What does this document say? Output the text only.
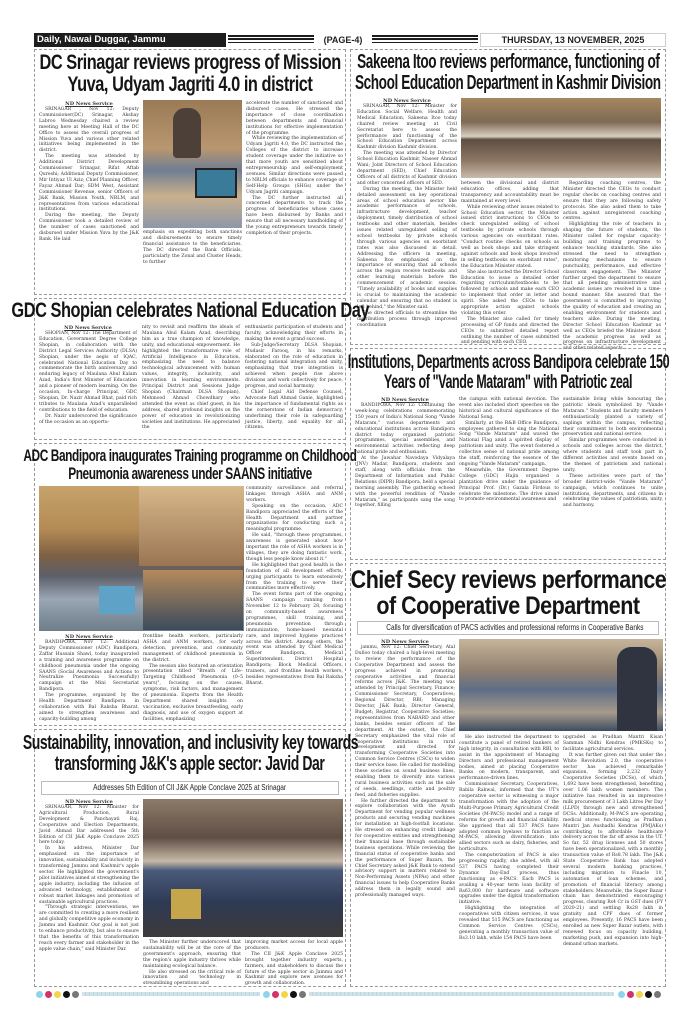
Daily, Nawai Duggar, Jammu	(PAGE-4)	THURSDAY, 13 NOVEMBER, 2025
DC Srinagar reviews progress of Mission
Yuva, Udyam Jagriti 4.0 in district
ND News Service

SRINAGAR , Nov 12: Deputy Commissioner(DC) Srinagar, Akshay Labroo Wednesday chaired a review meeting here at Meeting Hall of the DC Office to assess the overall progress of Mission Yuva and various other related initiatives being implemented in the district.

The meeting was attended by Additional District Development Commissioner Srinagar, Rifat Aftab Qureshi; Additional Deputy Commissioner, Mir Intiyaz Ul Aziz; Chief Planning Officer, Fayaz Ahmad Dar; SDM West, Assistant Commissioner Revenue, senior Officers of J&K Bank, Mission Youth, NRLM, and representatives from various educational institutions.

During the meeting, the Deputy Commissioner took a detailed review of the number of cases sanctioned and disbursed under Mission Yuva by the J&K Bank. He laid

emphasis on expediting both sanctions and disbursements to ensure timely financial assistance to the beneficiaries. The DC directed the Bank Officials, particularly the Zonal and Cluster Heads, to further

accelerate the number of sanctioned and disbursed cases. He stressed the importance of close coordination between departments and financial institutions for effective implementation of the programme.

While reviewing the implementation of Udyam Jagriti 4.0, the DC instructed the Colleges of the district to increase student coverage under the initiative so that more youth are sensitized about entrepreneurship and self-employment avenues. Similar directions were passed to NRLM officials to enhance coverage of Self-Help Groups (SHGs) under the Udyam Jagriti campaign.

The DC further instructed all concerned departments to track the progress of beneficiaries whose cases have been disbursed by Banks and ensure that all necessary handholding of the young entrepreneurs towards timely completion of their projects.

Sakeena Itoo reviews performance, functioning of
School Education Department in Kashmir Division
ND News Service

SRINAGAR, Nov 12: Minister for Education Social Welfare, Health and Medical Education, Sakeena Itoo today chaired review meeting at Civil Secretariat here to assess the performance and functioning of the School Education Department across Kashmir division Kashmir division.

The meeting was attended by Director School Education Kashmir, Naseer Ahmad Wani; Joint Directors of School Education department (SED), Chief Education Officers of all districts of Kashmir division and other concerned officers of SED.

During the meeting, the Minister held detailed assessment on key operational areas of school education sector like academic performance of schools, infrastructure development, teacher deployment, timely distribution of school textbooks and other materials, besides issues related unregulated selling of school textbooks by private schools through various agencies on exorbitant rates was also discussed in detail. Addressing the officers in meeting, Sakeena Itoo emphasized on the importance of ensuring that all schools across the region receive textbooks and other learning materials before the commencement of academic session. "Timely availability of books and supplies is crucial to maintaining the academic calendar and ensuring that no student is left behind," the Minister said.

She directed officials to streamline the distribution process through improved coordination

between the divisional and district education offices, adding that transparency and accountability must be maintained at every level.

While reviewing other issues related to School Education sector, the Minister issued strict instructions to CEOs to check unregulated selling of school textbooks by private schools through various agencies on exorbitant rates. "Conduct routine checks on schools as well as book shops and take stringent against schools and book shops involved in selling textbooks on exorbitant rates", the Education Minister stated.

She also instructed the Director School Education to issue a detailed order regarding curriculum/textbooks to be followed by schools and make each CEO to implement that order in letter and spirit. She asked the CEOs to take appropriate action against schools violating this order.

The Minister also called for timely processing of GP funds and directed the CEOs to submitted detailed report outlining the number of cases submitted and pending with each CEO.

Regarding coaching centres, the Minister directed the CEOs to conduct regular checks on coaching centres and ensure that they are following safety protocols. She also asked them to take action against unregistered coaching centres.

Highlighting the role of teachers in shaping the future of students, the Minister called for regular capacity-building and training programs to enhance teaching standards. She also stressed the need to strengthen monitoring mechanisms to ensure punctuality, performance, and effective classroom engagement. The Minister further urged the department to ensure that all pending administrative and academic issues are resolved in a time-bound manner. She assured that the government is committed to improving the quality of education and creating an enabling environment for students and teachers alike. During the meeting, Director School Education Kashmir as well as CEOs briefed the Minister about the academic progress as well as progress on infrastructure development and other related aspects.

GDC Shopian celebrates National Education Day
ND News Service

SHOPIAN, Nov 12: The Department of Education, Government Degree College Shopian, in collaboration with the District Legal Services Authority (DLSA) Shopian, under the aegis of IQAC, celebrated National Education Day to commemorate the birth anniversary and enduring legacy of Maulana Abul Kalam Azad, India's first Minister of Education and a pioneer of modern learning. On the occasion, In-charge Principal, GDC Shopian, Dr. Nazir Ahmad Bhat, paid rich tributes to Maulana Azad's unparalleled contributions to the field of education.

Dr. Nazir underscored the significance of the occasion as an opportu-

nity to revisit and reaffirm the ideals of Maulana Abul Kalam Azad, describing him as a true champion of knowledge, unity, and educational empowerment. He highlighted the transformative role of Artificial Intelligence in Education, emphasizing the need to balance technological advancement with human values, integrity, inclusivity, and innovation in learning environments. Principal District and Sessions Judge Shopian (Chairman DLSA Shopian), Mehmood Ahmad Chowdhary who attended the event as chief guest, in his address, shared profound insights on the power of education in revolutionizing societies and institutions. He appreciated the

enthusiastic participation of students and faculty, acknowledging their efforts in making the event a grand success.

Sub-Judge/Secretary DLSA Shopian, Mudasir Farooq, in his remarks, elaborated on the role of education in fostering national integration and unity, emphasizing that true integration is achieved when people rise above divisions and work collectively for peace, progress, and social harmony.

Chief Legal Aid Defense Counsel, Advocate Rafi Ahmad Ganie, highlighted the importance of fundamental rights as the cornerstone of Indian democracy, underlining their role in safeguarding justice, liberty, and equality for all citizens.

ADC Bandipora inaugurates Training programme on Childhood
Pneumonia awareness under SAANS initiative

community surveillance and referral linkages through ASHA and ANM workers.

Speaking on the occasion, ADC Bandipora appreciated the efforts of the Health Department and partner organizations for conducting such a meaningful programme.

He said, "through these programmes, awareness is generated about how important the role of ASHA workers is in villages, they are doing fantastic work, though less people know about it."

He highlighted that good health is the foundation of all development efforts, urging participants to learn extensively from the training to serve their communities more effectively.

The event forms part of the ongoing SAANS campaign running from November 12 to February 28, focusing on community-based awareness programmes, skill training, and pneumonia prevention through immunization, home-based neonatal care, and improved hygiene practices across the district. Among others, the event was attended by Chief Medical Officer Bandipora, Medical Superintendent, District Hospital Bandipora; Block Medical Officers, trainers, and frontline health workers, besides representatives from Bal Raksha Bharat.

ND News Service

BANDIPORA, Nov 12: Additional Deputy Commissioner (ADC) Bandipora, Zaffar Hussain Shawl, today inaugurated a training and awareness programme on childhood pneumonia under the ongoing SAANS (Social Awareness and Actions to Neutralize Pneumonia Successfully) campaign at the Mini Secretariat Bandipora.

The programme, organized by the Health Department Bandipora in collaboration with Bal Raksha Bharat, aimed to strengthen awareness and capacity-building among

frontline health workers, particularly ASHA and ANM workers, for early detection, prevention, and community management of childhood pneumonia in the district.

The session also featured an orientation presentation titled "Breath of Life– Targeting Childhood Pneumonia (0–5 years)", focusing on the causes, symptoms, risk factors, and management of pneumonia. Experts from the Health Department shared insights on vaccination, exclusive breastfeeding, early diagnosis, and use of oxygen support at facilities, emphasizing

Institutions, Departments across Bandipora celebrate 150
Years of "Vande Mataram" with Patriotic zeal
ND News Service

BANDIPORA, Nov 12: Continuing the week-long celebrations commemorating 150 years of India's National Song "Vande Mataram," various departments and educational institutions across Bandipora district today organized patriotic programmes, special assemblies, and environmental activities reflecting deep national pride and enthusiasm.

At the Jawahar Navodaya Vidyalaya (JNV) Madar, Bandipora, students and staff, along with officials from the Department of Information and Public Relations (DIPR) Bandipora, held a special morning assembly. The gathering echoed with the powerful rendition of "Vande Mataram," as participants sang the song together, filling

the campus with national devotion. The event also included short speeches on the historical and cultural significance of the National Song.

Similarly, at the R&B Office Bandipora, employees gathered to sing the National Song "Vande Mataram" and waved the National Flag amid a spirited display of patriotism and unity. The event fostered a collective sense of national pride among the staff, reinforcing the essence of the ongoing "Vande Mataram" campaign.

Meanwhile, the Government Degree College (GDC) Hajin organized a plantation drive under the guidance of Principal Prof. (Dr.) Gazala Firdous to celebrate the milestone. The drive aimed to promote environmental awareness and

sustainable living while honouring the patriotic ideals symbolized by "Vande Mataram." Students and faculty members enthusiastically planted a variety of saplings within the campus, reflecting their commitment to both environmental preservation and national service.

Similar programmes were conducted in schools and colleges across the district, where students and staff took part in different activities and events based on the themes of patriotism and national unity.

These activities were part of the broader district-wide "Vande Mataram" campaign, which continues to unite institutions, departments, and citizens in celebrating the values of patriotism, unity, and harmony.

Chief Secy reviews performance
of Cooperative Department
Calls for diversification of PACS activities and professional reforms in Cooperative Banks
ND News Service

jammu, Nov 12: Chief Secretary, Atal Dulloo today chaired a high-level meeting to review the performance of the Cooperative Department and assess the progress achieved in promoting cooperative activities and financial reforms across J&K. The meeting was attended by Principal Secretary, Finance; Commissioner Secretary, Cooperatives; Regional Director, RBI; Managing Director, J&K Bank; Director General, Budget; Registrar, Cooperative Societies; representatives from NABARD and other banks, besides senior officers of the department. At the outset, the Chief Secretary emphasized the vital role of cooperative institutions in rural development and directed for transforming Cooperative Societies into Common Service Centres (CSCs) to widen their service base. He called for modelling these societies on sound business lines, enabling them to diversify into various rural business activities such as the sale of seeds, seedlings, cattle and poultry feed, and fisheries supplies.

He further directed the department to explore collaboration with the Ayush Department for vending popular wellness products and securing vending machines for installation at high-footfall locations. He stressed on enhancing credit linkage for cooperative entities and strengthening their financial base through sustainable business operations. While reviewing the financial status of cooperative banks and the performance of Super Bazars, the Chief Secretary asked J&K Bank to extend advisory support in matters related to Non-Performing Assets (NPAs) and other financial issues to help Cooperative Banks address them in legally sound and professionally managed ways.

He also instructed the department to constitute a panel of retired bankers of high integrity, in consultation with RBI, to assist in the appointment of Managing Directors and professional management bodies, aimed at placing Cooperative Banks on modern, transparent, and performance-driven lines.

Commissioner Secretary, Cooperatives, Babila Rakwal, informed that the UT's cooperative sector is witnessing a major transformation with the adoption of the Multi-Purpose Primary Agricultural Credit Societies (M-PACS) model and a range of reforms for growth and financial stability. She apprised that all 537 PACS have adopted common byelaws to function as M-PACS, allowing diversification into allied sectors such as dairy, fisheries, and horticulture.

The computerization of PACS is also progressing rapidly, she added, with all 537 PACS having completed their Dynamic Day-End process, thus functioning as e-PACS. Each PACS is availing a 40-year term loan facility of Rs63,000 for hardware and software upgrades under the digital transformation initiative.

Highlighting the integration of cooperatives with citizen services, it was revealed that 515 PACS are functioning as Common Service Centres (CSCs), generating a monthly transaction value of Rs3.10 lakh, while 154 PACS have been

upgraded as Pradhan Mantri Kisan Samman Nidhi Kendras (PMKSKs) to facilitate agricultural services.

It was further given out that under the White Revolution 2.0, the cooperative sector has achieved remarkable expansion, forming 2,232 Dairy Cooperative Societies (DCSs), of which 1,692 have been strengthened, benefiting over 1.06 lakh women members. The initiative has resulted in an impressive milk procurement of 3 Lakh Litres Per Day (LLPD) through new and strengthened DCSs. Additionally, M-PACS are operating medical stores functioning as Pradhan Mantri Jan Aushadhi Kendras (PMJAKs) contributing to affordable healthcare delivery across the far off areas in the UT. So far, 52 drug licenses and 50 stores have been operationalized, with a monthly transaction value of Rs8.78 lakh. The J&K State Cooperative Bank has adopted several modern banking practices, including migration to Finacle 10, automation of loan schemes, and promotion of financial literacy among stakeholders. Meanwhile, the Super Bazar chain has demonstrated encouraging progress, clearing Rs4 Cr in GST dues (FY 2020-21) and settling Rs28 lakh in gratuity and CPF dues of former employees. Presently, 16 PACS have been enrolled as new Super Bazar outlets, with renewed focus on capacity building, marketing push, and expansion into high-demand urban markets.

Sustainability, innovation, and inclusivity key towards
transforming J&K's apple sector: Javid Dar
Addresses 5th Edition of CII J&K Apple Conclave 2025 at Srinagar
ND News Service

SRINAGAR, Nov 12: Minister for Agricultural Production, Rural Development & Panchayati Raj, Cooperative and Election Departments, Javid Ahmad Dar addressed the 5th Edition of CII J&K Apple Conclave 2025 here today.

In his address, Minister Dar emphasized on the importance of innovation, sustainability and inclusivity in transforming Jammu and Kashmir's apple sector. He highlighted the government's pilot initiatives aimed at strengthening the apple industry, including the infusion of advanced technology, establishment of robust market linkages and promotion of sustainable agricultural practices.

"Through strategic interventions, we are committed to creating a more resilient and globally competitive apple economy in Jammu and Kashmir. Our goal is not just to enhance productivity, but also to ensure that the benefits of this transformation reach every farmer and stakeholder in the apple value chain," said Minister Dar.

The Minister further underscored that sustainability will be at the core of the government's approach, ensuring that the region's apple industry thrives while maintaining ecological balance.

He also stressed on the critical role of innovation and technology in streamlining operations and

improving market access for local apple producers.

The CII J&K Apple Conclave 2025 brought together industry experts, farmers, and stakeholders to discuss the future of the apple sector in Jammu and Kashmir and explore new avenues for growth and collaboration.
